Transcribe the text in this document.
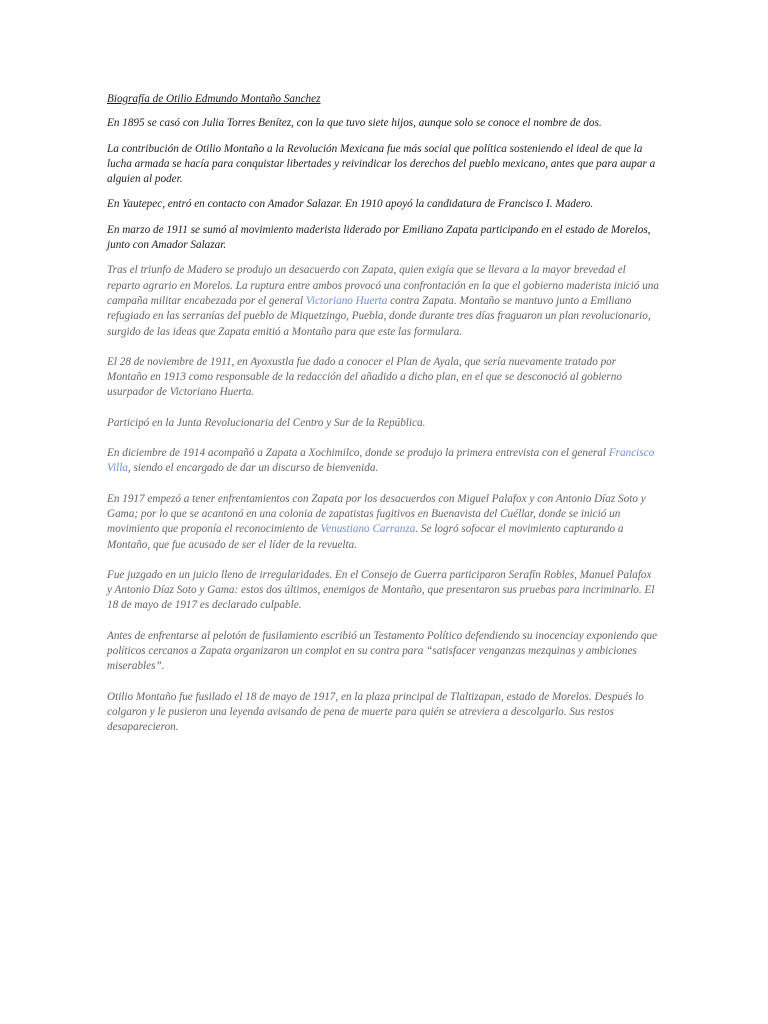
Biografía de Otilio Edmundo Montaño Sanchez

En 1895 se casó con Julia Torres Benítez, con la que tuvo siete hijos, aunque solo se conoce el nombre de dos.

La contribución de Otilio Montaño a la Revolución Mexicana fue más social que política sosteniendo el ideal de que la lucha armada se hacía para conquistar libertades y reivindicar los derechos del pueblo mexicano, antes que para aupar a alguien al poder.

En Yautepec, entró en contacto con Amador Salazar. En 1910 apoyó la candidatura de Francisco I. Madero.

En marzo de 1911 se sumó al movimiento maderista liderado por Emiliano Zapata participando en el estado de Morelos, junto con Amador Salazar.

Tras el triunfo de Madero se produjo un desacuerdo con Zapata, quien exigía que se llevara a la mayor brevedad el reparto agrario en Morelos. La ruptura entre ambos provocó una confrontación en la que el gobierno maderista inició una campaña militar encabezada por el general Victoriano Huerta contra Zapata. Montaño se mantuvo junto a Emiliano refugiado en las serranías del pueblo de Miquetzingo, Puebla, donde durante tres días fraguaron un plan revolucionario, surgido de las ideas que Zapata emitió a Montaño para que este las formulara.

El 28 de noviembre de 1911, en Ayoxustla fue dado a conocer el Plan de Ayala, que sería nuevamente tratado por Montaño en 1913 como responsable de la redacción del añadido a dicho plan, en el que se desconoció al gobierno usurpador de Victoriano Huerta.

Participó en la Junta Revolucionaria del Centro y Sur de la República.

En diciembre de 1914 acompañó a Zapata a Xochimilco, donde se produjo la primera entrevista con el general Francisco Villa, siendo el encargado de dar un discurso de bienvenida.

En 1917 empezó a tener enfrentamientos con Zapata por los desacuerdos con Miguel Palafox y con Antonio Díaz Soto y Gama; por lo que se acantonó en una colonia de zapatistas fugitivos en Buenavista del Cuéllar, donde se inició un movimiento que proponía el reconocimiento de Venustiano Carranza. Se logró sofocar el movimiento capturando a Montaño, que fue acusado de ser el líder de la revuelta.

Fue juzgado en un juicio lleno de irregularidades. En el Consejo de Guerra participaron Serafín Robles, Manuel Palafox y Antonio Díaz Soto y Gama: estos dos últimos, enemigos de Montaño, que presentaron sus pruebas para incriminarlo. El 18 de mayo de 1917 es declarado culpable.

Antes de enfrentarse al pelotón de fusilamiento escribió un Testamento Político defendiendo su inocenciay exponiendo que políticos cercanos a Zapata organizaron un complot en su contra para “satisfacer venganzas mezquinas y ambiciones miserables”.

Otilio Montaño fue fusilado el 18 de mayo de 1917, en la plaza principal de Tlaltizapan, estado de Morelos. Después lo colgaron y le pusieron una leyenda avisando de pena de muerte para quién se atreviera a descolgarlo. Sus restos desaparecieron.
